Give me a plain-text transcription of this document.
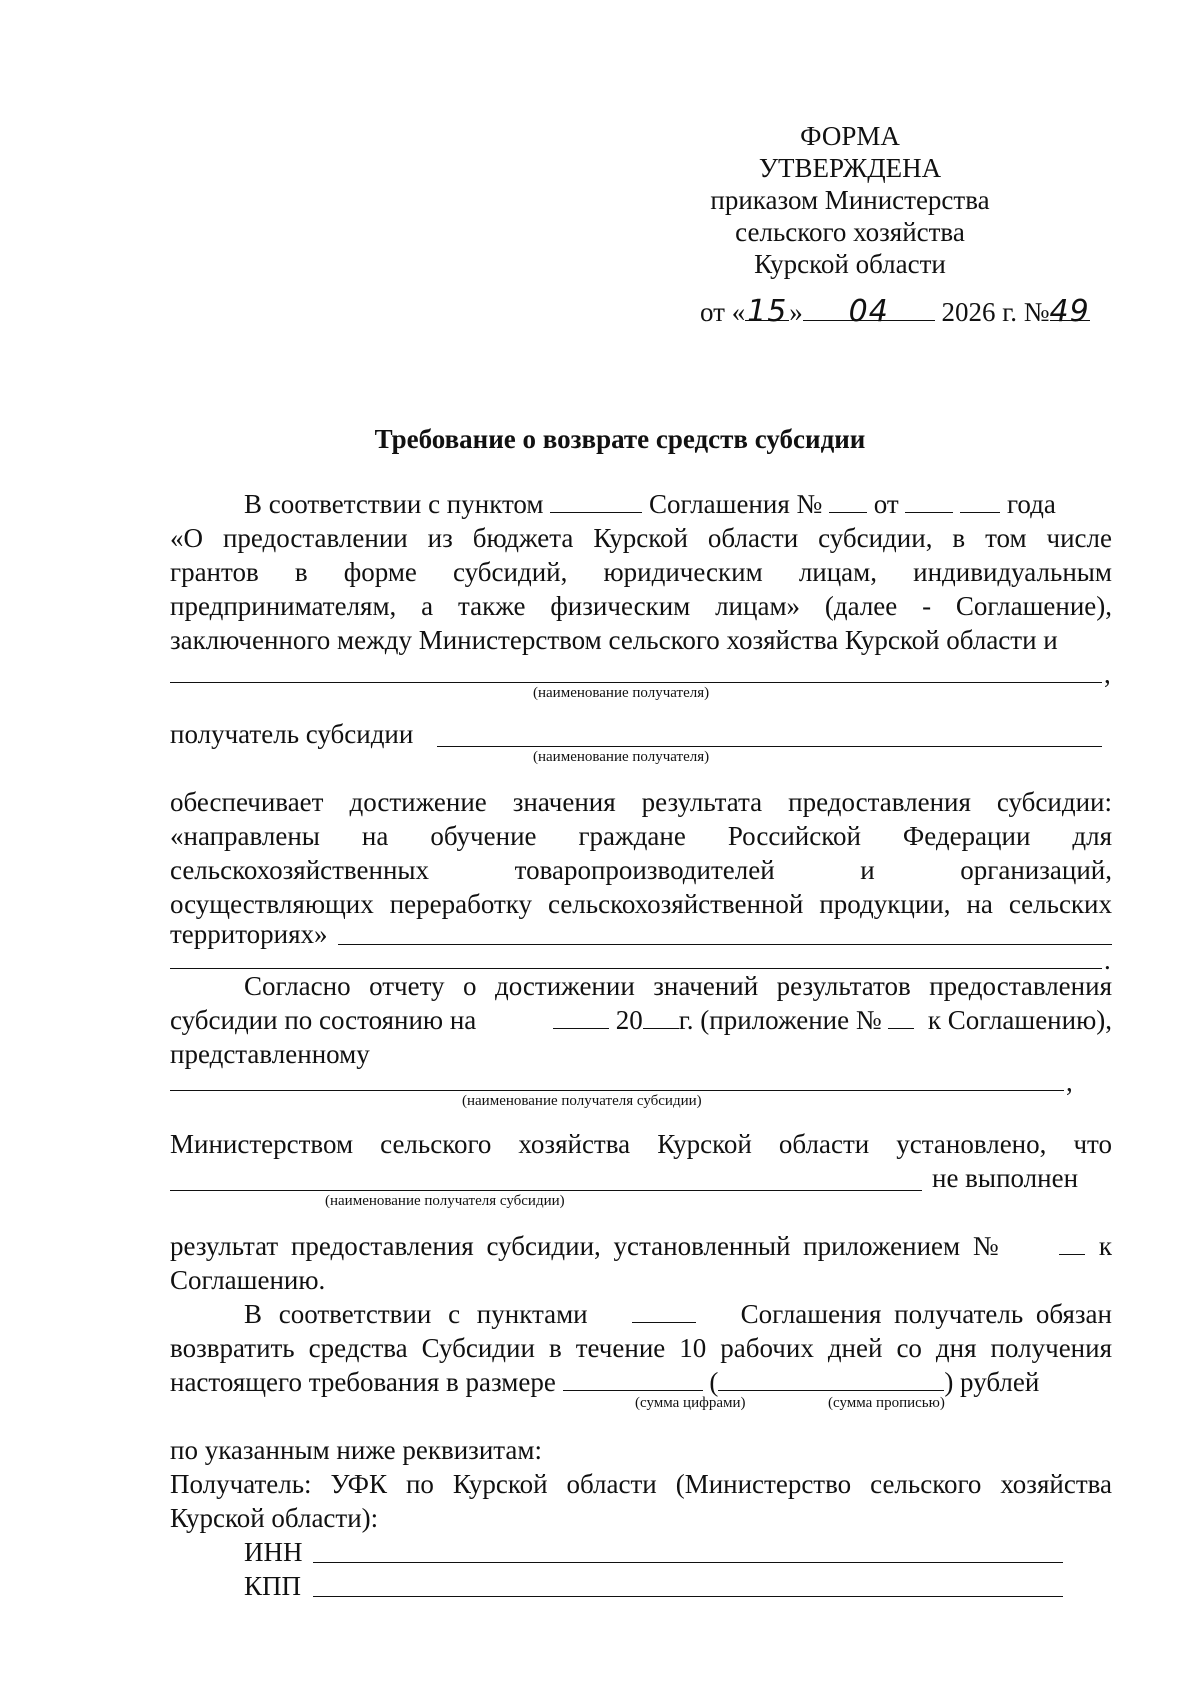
ФОРМА
УТВЕРЖДЕНА
приказом Министерства
сельского хозяйства
Курской области
от «15» 04 2026 г. №49
Требование о возврате средств субсидии
В соответствии с пунктом	Соглашения № от	года
«О предоставлении из бюджета Курской области субсидии, в том числе
грантов в форме субсидий, юридическим лицам, индивидуальным
предпринимателям, а также физическим лицам» (далее - Соглашение),
заключенного между Министерством сельского хозяйства Курской области и
,
(наименование получателя)
получатель субсидии
(наименование получателя)
обеспечивает достижение значения результата предоставления субсидии:
«направлены на обучение граждане Российской Федерации для
сельскохозяйственных товаропроизводителей и организаций,
осуществляющих переработку сельскохозяйственной продукции, на сельских
территориях»
.
Согласно отчету о достижении значений результатов предоставления
субсидии по состоянию на	20 г. (приложение № к Соглашению),
представленному
,
(наименование получателя субсидии)
Министерством сельского хозяйства Курской области установлено, что
не выполнен
(наименование получателя субсидии)
результат предоставления субсидии, установленный приложением №	к
Соглашению.
В соответствии с пунктами	Соглашения получатель обязан
возвратить средства Субсидии в течение 10 рабочих дней со дня получения
настоящего требования в размере	(	) рублей
(сумма цифрами)	(сумма прописью)
по указанным ниже реквизитам:
Получатель: УФК по Курской области (Министерство сельского хозяйства
Курской области):
ИНН
КПП
